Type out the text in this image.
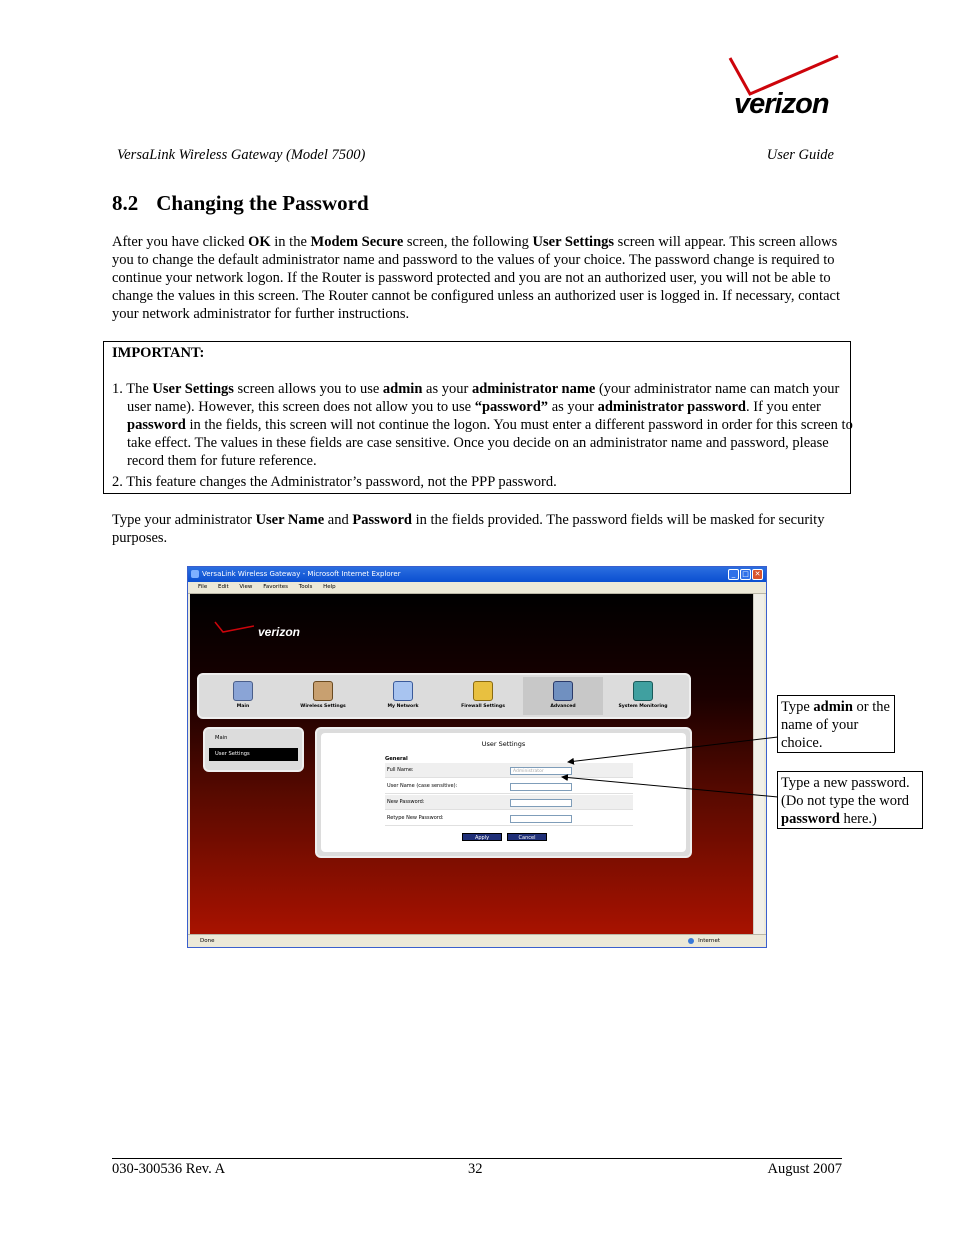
verizon
VersaLink Wireless Gateway (Model 7500)	User Guide
8.2 Changing the Password

After you have clicked OK in the Modem Secure screen, the following User Settings screen will appear. This screen allows you to change the default administrator name and password to the values of your choice. The password change is required to continue your network logon. If the Router is password protected and you are not an authorized user, you will not be able to change the values in this screen. The Router cannot be configured unless an authorized user is logged in. If necessary, contact your network administrator for further instructions.

IMPORTANT:
1. The User Settings screen allows you to use admin as your administrator name (your administrator name can match your user name). However, this screen does not allow you to use “password” as your administrator password. If you enter password in the fields, this screen will not continue the logon. You must enter a different password in order for this screen to take effect. The values in these fields are case sensitive. Once you decide on an administrator name and password, please record them for future reference.
2. This feature changes the Administrator’s password, not the PPP password.

Type your administrator User Name and Password in the fields provided. The password fields will be masked for security purposes.

VersaLink Wireless Gateway - Microsoft Internet Explorer	_ □ ✕
File Edit View Favorites Tools Help
verizon
Main	Wireless Settings	My Network	Firewall Settings	Advanced	System Monitoring
Main
User Settings
User Settings
General
Full Name:	Administrator
User Name (case sensitive):
New Password:
Retype New Password:
Apply	Cancel
Done	Internet
Type admin or the name of your choice.
Type a new password. (Do not type the word password here.)
030-300536 Rev. A	32	August 2007
